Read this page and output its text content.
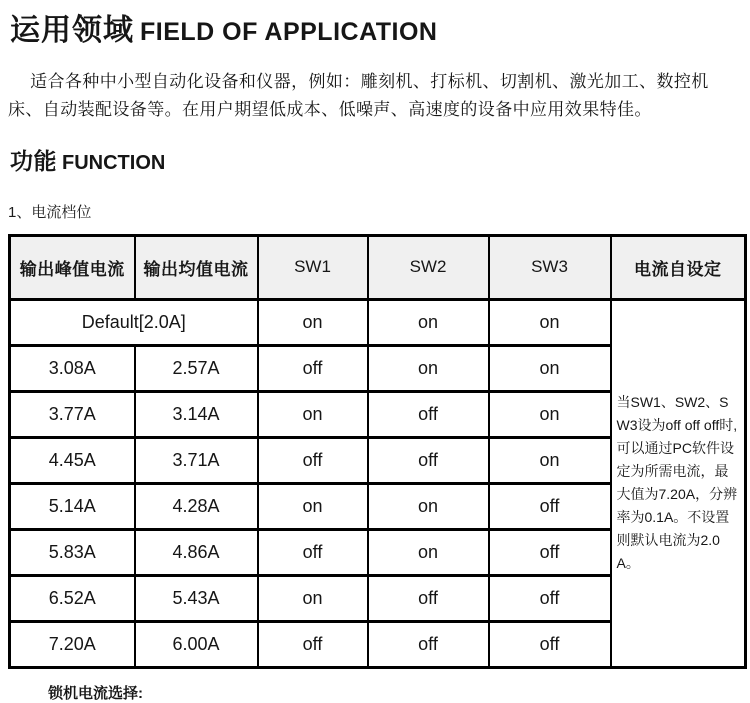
运用领域 FIELD OF APPLICATION

适合各种中小型自动化设备和仪器，例如：雕刻机、打标机、切割机、激光加工、数控机床、自动装配设备等。在用户期望低成本、低噪声、高速度的设备中应用效果特佳。

功能 FUNCTION
1、电流档位
输出峰值电流	输出均值电流	SW1	SW2	SW3	电流自设定
Default[2.0A]		on	on	on	当SW1、SW2、SW3设为off off off时,可以通过PC软件设定为所需电流，最大值为7.20A，分辨率为0.1A。不设置则默认电流为2.0A。
3.08A	2.57A	off	on	on	
3.77A	3.14A	on	off	on	
4.45A	3.71A	off	off	on	
5.14A	4.28A	on	on	off	
5.83A	4.86A	off	on	off	
6.52A	5.43A	on	off	off	
7.20A	6.00A	off	off	off	
锁机电流选择:
